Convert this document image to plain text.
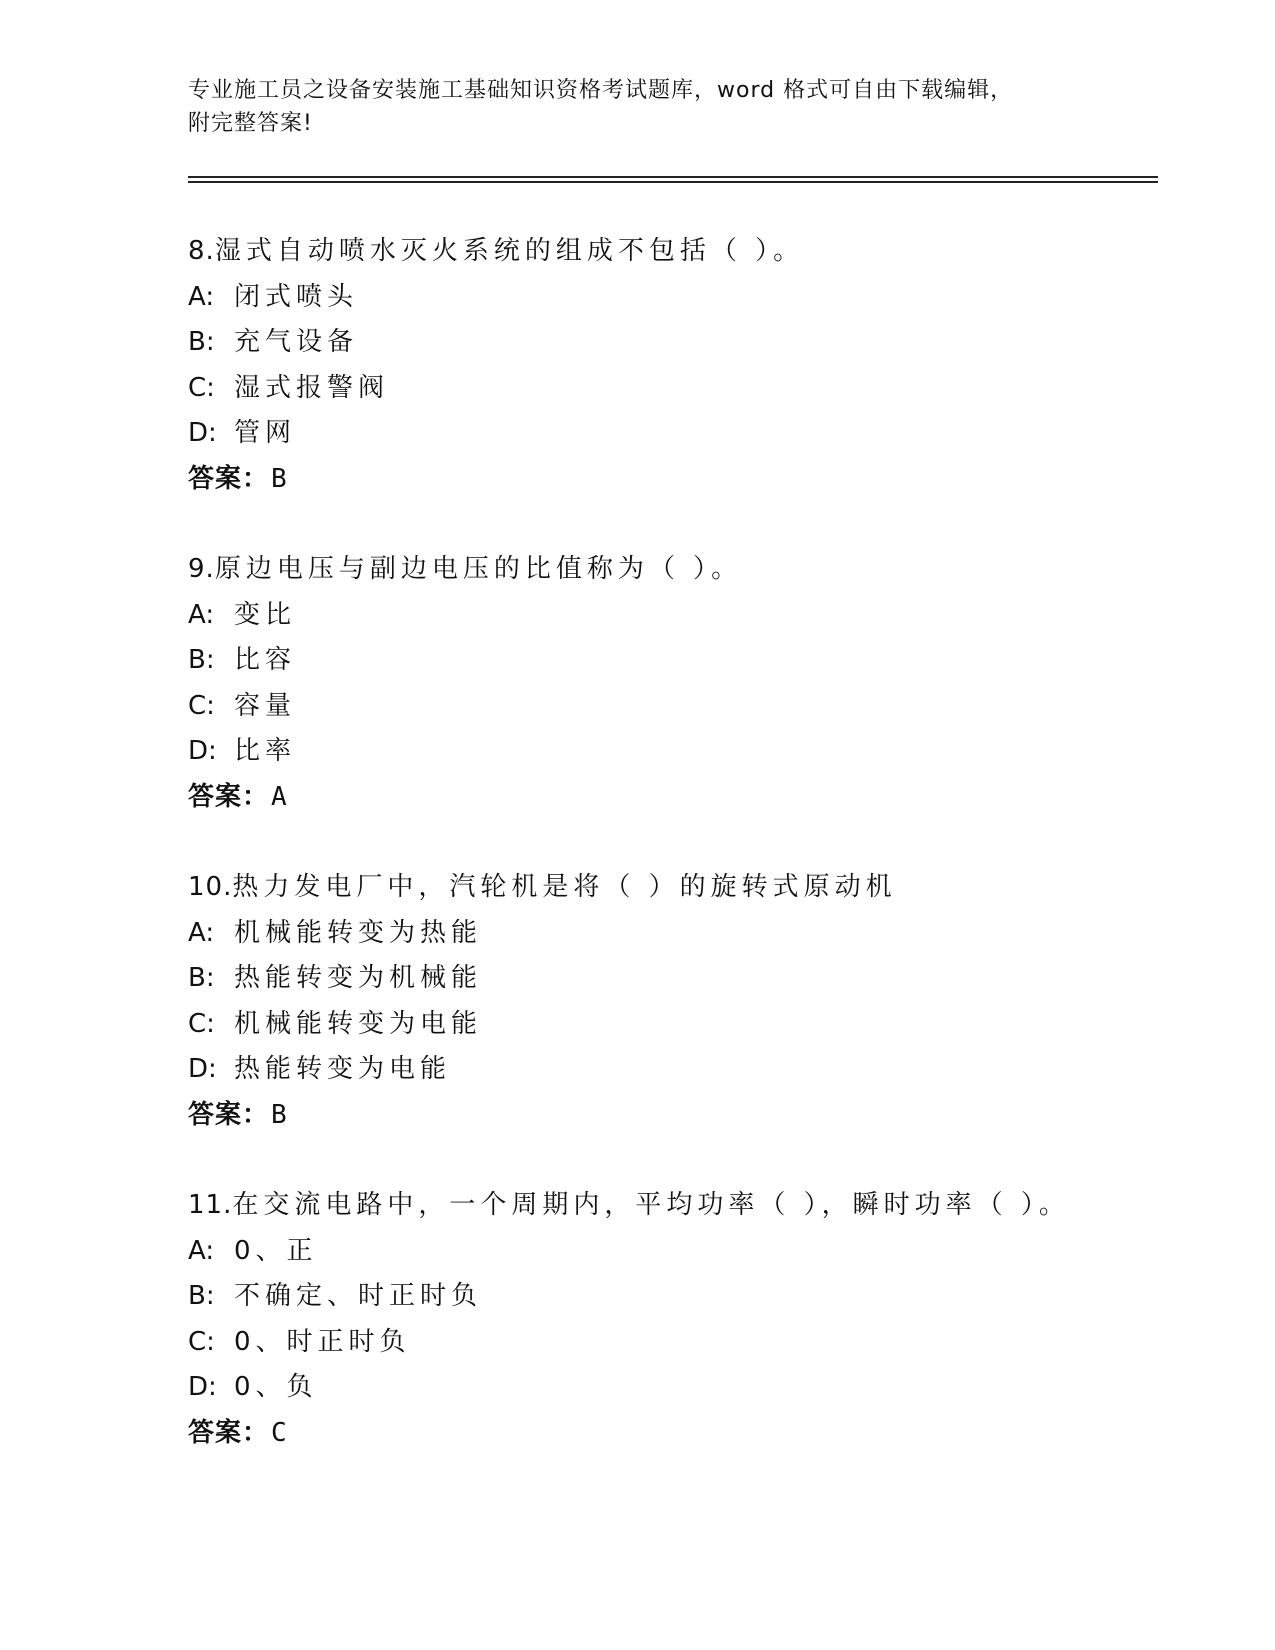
专业施工员之设备安装施工基础知识资格考试题库，word 格式可自由下载编辑，
附完整答案!
8.湿式自动喷水灭火系统的组成不包括（ ）。
A: 闭式喷头
B: 充气设备
C: 湿式报警阀
D: 管网
答案：B
9.原边电压与副边电压的比值称为（ ）。
A: 变比
B: 比容
C: 容量
D: 比率
答案：A
10.热力发电厂中，汽轮机是将（ ）的旋转式原动机
A: 机械能转变为热能
B: 热能转变为机械能
C: 机械能转变为电能
D: 热能转变为电能
答案：B
11.在交流电路中，一个周期内，平均功率（ ），瞬时功率（ ）。
A: 0、正
B: 不确定、时正时负
C: 0、时正时负
D: 0、负
答案：C
